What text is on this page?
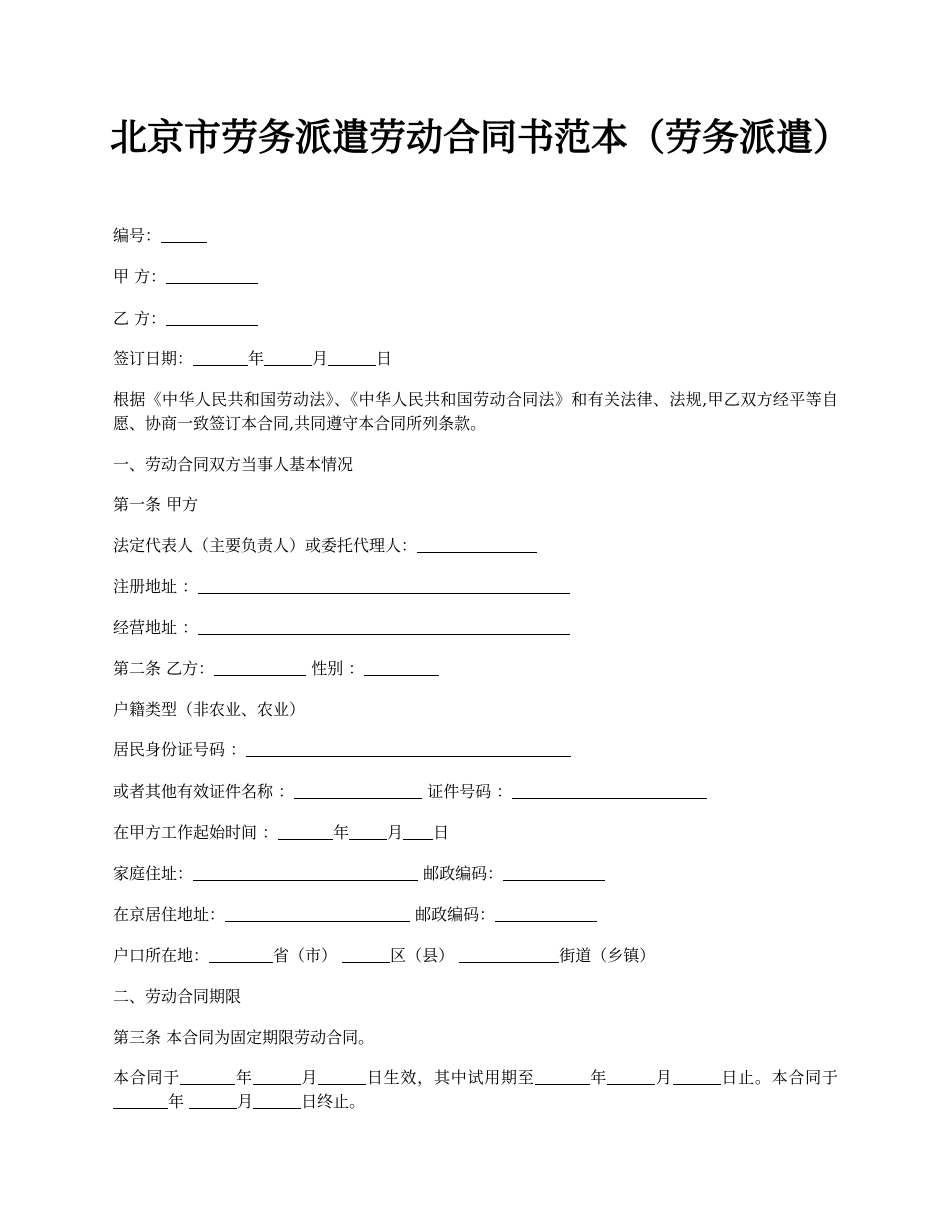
北京市劳务派遣劳动合同书范本（劳务派遣）
编号：
甲 方：
乙 方：
签订日期：	年	月	日
根据《中华人民共和国劳动法》、《中华人民共和国劳动合同法》和有关法律、法规,甲乙双方经平等自愿、协商一致签订本合同,共同遵守本合同所列条款。
一、劳动合同双方当事人基本情况
第一条 甲方
法定代表人（主要负责人）或委托代理人：
注册地址 ：
经营地址 ：
第二条 乙方：	性别 ：
户籍类型（非农业、农业）
居民身份证号码 ：
或者其他有效证件名称 ：	证件号码 ：
在甲方工作起始时间 ：	年 月 日
家庭住址：	邮政编码：
在京居住地址：	邮政编码：
户口所在地：	省（市）	区（县）	街道（乡镇）
二、劳动合同期限
第三条 本合同为固定期限劳动合同。
本合同于	年	月	日生效，其中试用期至	年	月	日止。本合同于年	月	日终止。
